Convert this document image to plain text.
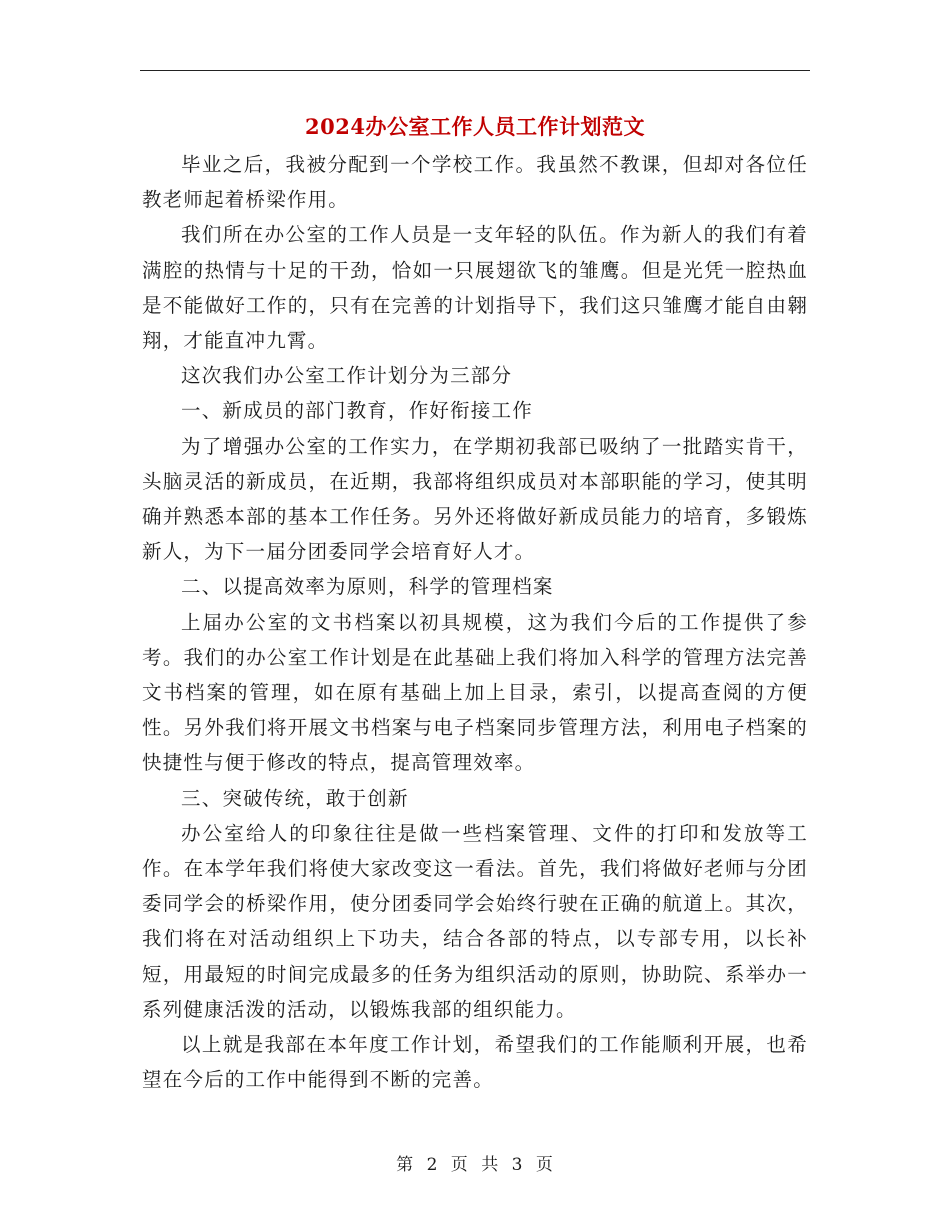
2024办公室工作人员工作计划范文

毕业之后，我被分配到一个学校工作。我虽然不教课，但却对各位任教老师起着桥梁作用。

我们所在办公室的工作人员是一支年轻的队伍。作为新人的我们有着满腔的热情与十足的干劲，恰如一只展翅欲飞的雏鹰。但是光凭一腔热血是不能做好工作的，只有在完善的计划指导下，我们这只雏鹰才能自由翱翔，才能直冲九霄。

这次我们办公室工作计划分为三部分

一、新成员的部门教育，作好衔接工作

为了增强办公室的工作实力，在学期初我部已吸纳了一批踏实肯干，头脑灵活的新成员，在近期，我部将组织成员对本部职能的学习，使其明确并熟悉本部的基本工作任务。另外还将做好新成员能力的培育，多锻炼新人，为下一届分团委同学会培育好人才。

二、以提高效率为原则，科学的管理档案

上届办公室的文书档案以初具规模，这为我们今后的工作提供了参考。我们的办公室工作计划是在此基础上我们将加入科学的管理方法完善文书档案的管理，如在原有基础上加上目录，索引，以提高查阅的方便性。另外我们将开展文书档案与电子档案同步管理方法，利用电子档案的快捷性与便于修改的特点，提高管理效率。

三、突破传统，敢于创新

办公室给人的印象往往是做一些档案管理、文件的打印和发放等工作。在本学年我们将使大家改变这一看法。首先，我们将做好老师与分团委同学会的桥梁作用，使分团委同学会始终行驶在正确的航道上。其次，我们将在对活动组织上下功夫，结合各部的特点，以专部专用，以长补短，用最短的时间完成最多的任务为组织活动的原则，协助院、系举办一系列健康活泼的活动，以锻炼我部的组织能力。

以上就是我部在本年度工作计划，希望我们的工作能顺利开展，也希望在今后的工作中能得到不断的完善。

第 2 页 共 3 页
